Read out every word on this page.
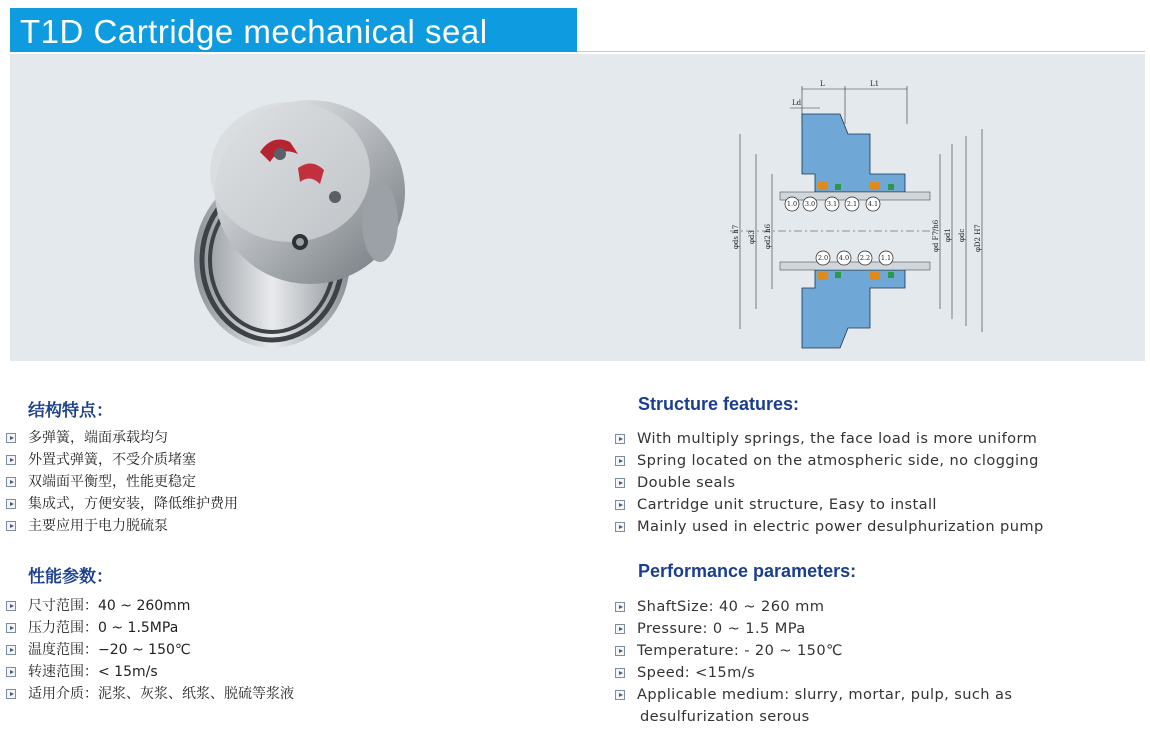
T1D Cartridge mechanical seal
L	L1
Ld
φds h7 φd3 φd2 h6	φd F7/h6 φd1 φdc φD2 H7
1.0 3.0 3.1 2.1 4.1
2.0 4.0 2.2 1.1
结构特点：
多弹簧，端面承载均匀
外置式弹簧，不受介质堵塞
双端面平衡型，性能更稳定
集成式，方便安装，降低维护费用
主要应用于电力脱硫泵
性能参数：
尺寸范围：40 ~ 260mm
压力范围：0 ~ 1.5MPa
温度范围：−20 ~ 150℃
转速范围：< 15m/s
适用介质：泥浆、灰浆、纸浆、脱硫等浆液
Structure features:
With multiply springs, the face load is more uniform
Spring located on the atmospheric side, no clogging
Double seals
Cartridge unit structure, Easy to install
Mainly used in electric power desulphurization pump
Performance parameters:
ShaftSize: 40 ~ 260 mm
Pressure: 0 ~ 1.5 MPa
Temperature: - 20 ~ 150℃
Speed: <15m/s
Applicable medium: slurry, mortar, pulp, such as
desulfurization serous
